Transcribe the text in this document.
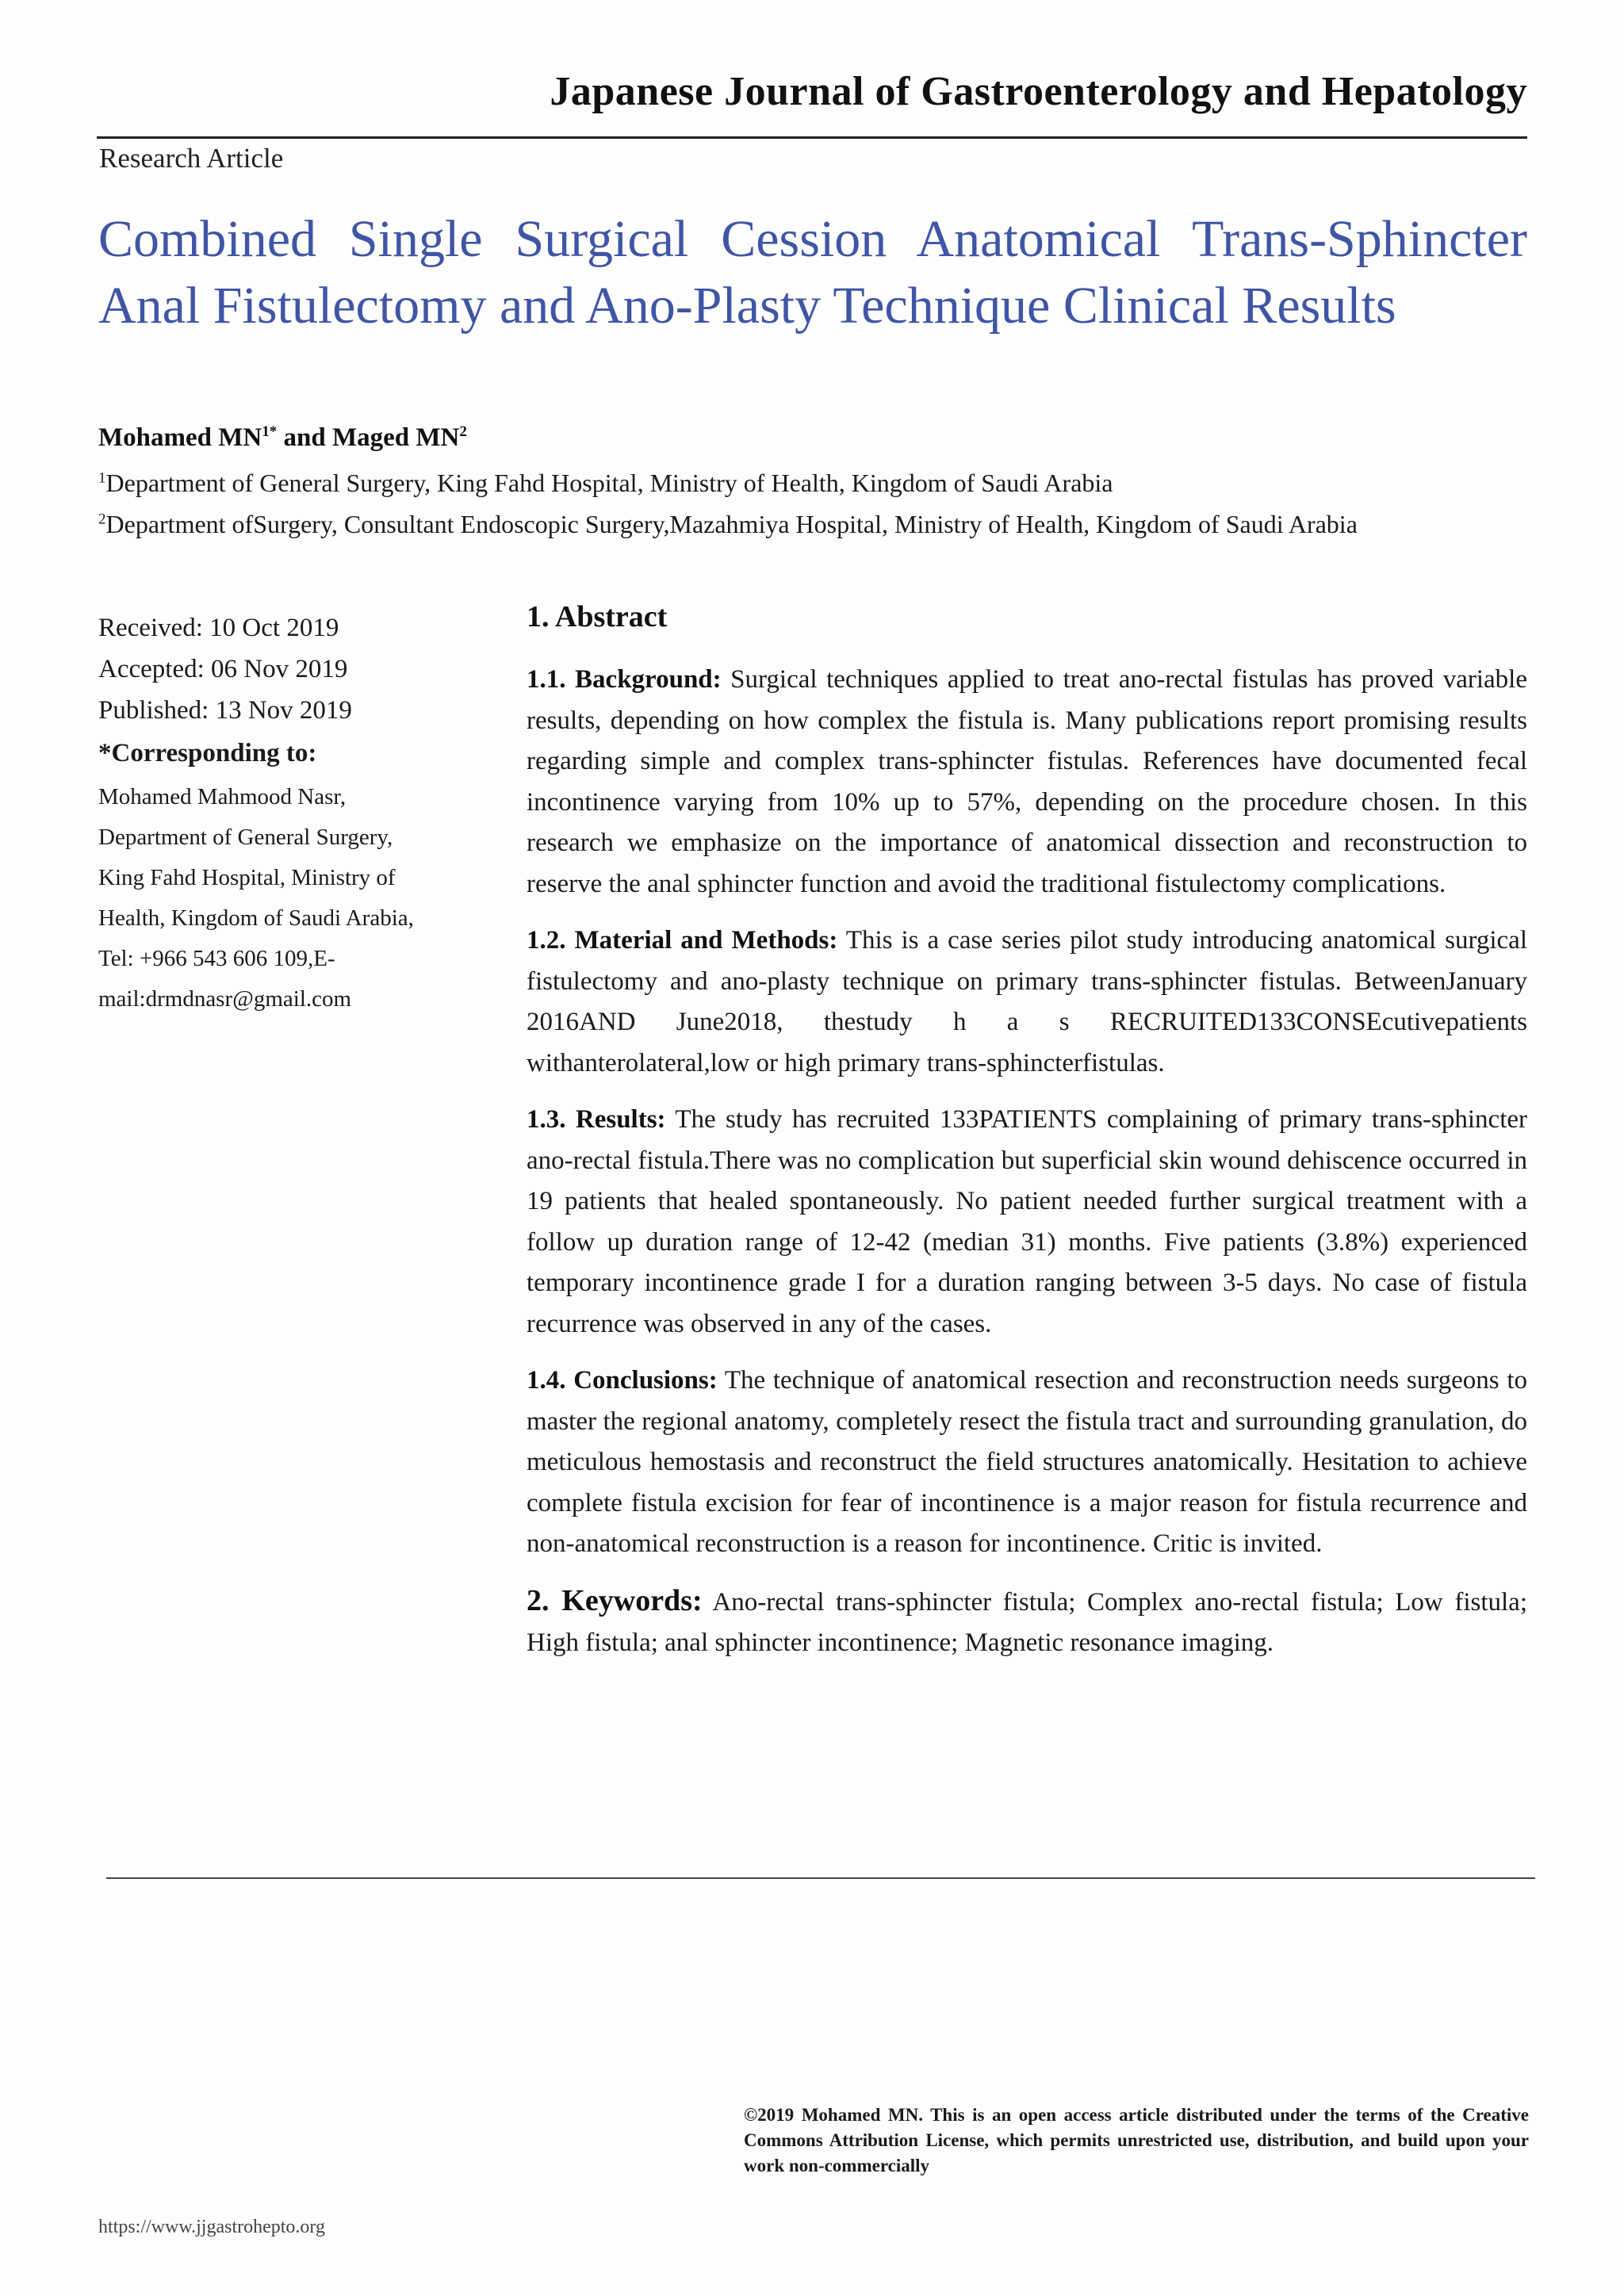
Japanese Journal of Gastroenterology and Hepatology
Research Article
Combined Single Surgical Cession Anatomical Trans-Sphincter Anal Fistulectomy and Ano-Plasty Technique Clinical Results
Mohamed $MN^{1*}$ and Maged $MN^2$
$^1$Department of General Surgery, King Fahd Hospital, Ministry of Health, Kingdom of Saudi Arabia
$^2$Department ofSurgery, Consultant Endoscopic Surgery,Mazahmiya Hospital, Ministry of Health, Kingdom of Saudi Arabia
Received: 10 Oct 2019
Accepted: 06 Nov 2019
Published: 13 Nov 2019
*Corresponding to:
Mohamed Mahmood Nasr, Department of General Surgery, King Fahd Hospital, Ministry of Health, Kingdom of Saudi Arabia, Tel: +966 543 606 109,E-mail:drmdnasr@gmail.com
1. Abstract

1.1. Background: Surgical techniques applied to treat ano-rectal fistulas has proved variable results, depending on how complex the fistula is. Many publications report promising results regarding simple and complex trans-sphincter fistulas. References have documented fecal incontinence varying from 10% up to 57%, depending on the procedure chosen. In this research we emphasize on the importance of anatomical dissection and reconstruction to reserve the anal sphincter function and avoid the traditional fistulectomy complications.

1.2. Material and Methods: This is a case series pilot study introducing anatomical surgical fistulectomy and ano-plasty technique on primary trans-sphincter fistulas. BetweenJanuary 2016AND June2018, thestudy h a s RECRUITED133CONSEcutivepatients withanterolateral,low or high primary trans-sphincterfistulas.

1.3. Results: The study has recruited 133PATIENTS complaining of primary trans-sphincter ano-rectal fistula.There was no complication but superficial skin wound dehiscence occurred in 19 patients that healed spontaneously. No patient needed further surgical treatment with a follow up duration range of 12-42 (median 31) months. Five patients (3.8%) experienced temporary incontinence grade I for a duration ranging between 3-5 days. No case of fistula recurrence was observed in any of the cases.

1.4. Conclusions: The technique of anatomical resection and reconstruction needs surgeons to master the regional anatomy, completely resect the fistula tract and surrounding granulation, do meticulous hemostasis and reconstruct the field structures anatomically. Hesitation to achieve complete fistula excision for fear of incontinence is a major reason for fistula recurrence and non-anatomical reconstruction is a reason for incontinence. Critic is invited.

2. Keywords: Ano-rectal trans-sphincter fistula; Complex ano-rectal fistula; Low fistula; High fistula; anal sphincter incontinence; Magnetic resonance imaging.

©2019 Mohamed MN. This is an open access article distributed under the terms of the Creative Commons Attribution License, which permits unrestricted use, distribution, and build upon your work non-commercially
https://www.jjgastrohepto.org
